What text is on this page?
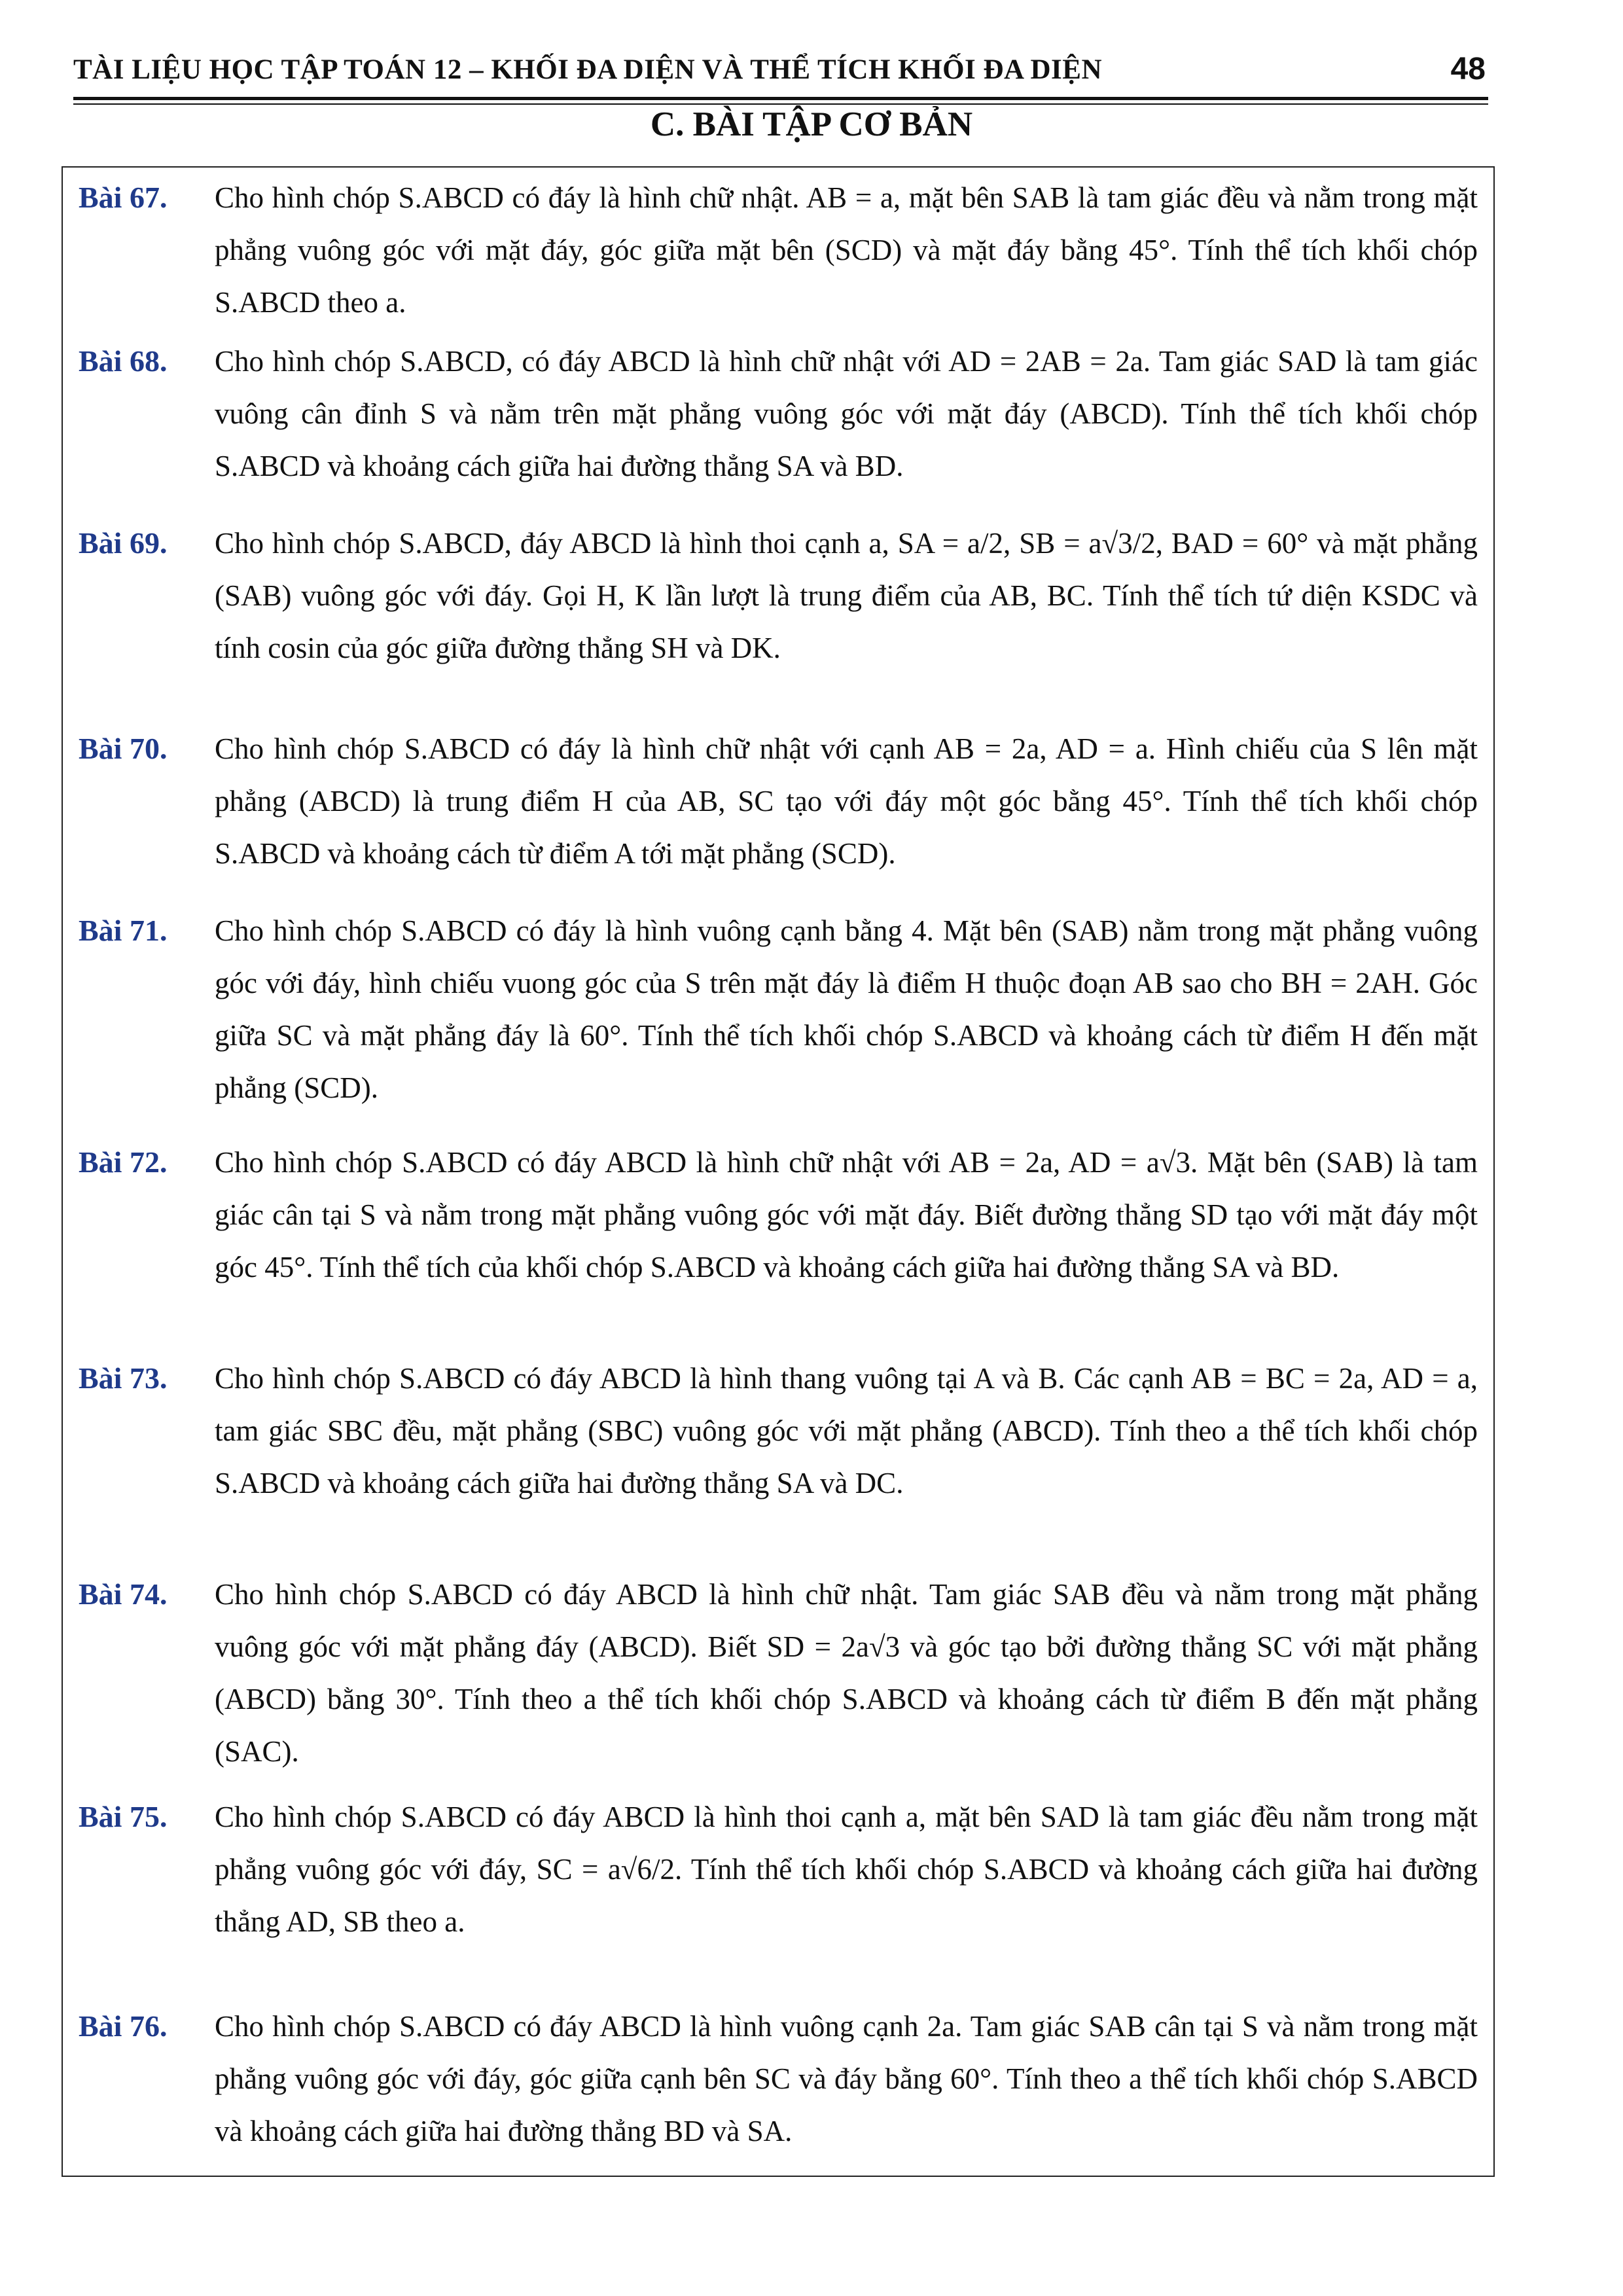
TÀI LIỆU HỌC TẬP TOÁN 12 – KHỐI ĐA DIỆN VÀ THỂ TÍCH KHỐI ĐA DIỆN	48
C. BÀI TẬP CƠ BẢN
Bài 67. Cho hình chóp S.ABCD có đáy là hình chữ nhật. AB = a, mặt bên SAB là tam giác đều và nằm trong mặt phẳng vuông góc với mặt đáy, góc giữa mặt bên (SCD) và mặt đáy bằng 45°. Tính thể tích khối chóp S.ABCD theo a.
Bài 68. Cho hình chóp S.ABCD, có đáy ABCD là hình chữ nhật với AD = 2AB = 2a. Tam giác SAD là tam giác vuông cân đỉnh S và nằm trên mặt phẳng vuông góc với mặt đáy (ABCD). Tính thể tích khối chóp S.ABCD và khoảng cách giữa hai đường thẳng SA và BD.
Bài 69. Cho hình chóp S.ABCD, đáy ABCD là hình thoi cạnh a, SA = a/2, SB = a√3/2, BAD = 60° và mặt phẳng (SAB) vuông góc với đáy. Gọi H, K lần lượt là trung điểm của AB, BC. Tính thể tích tứ diện KSDC và tính cosin của góc giữa đường thẳng SH và DK.
Bài 70. Cho hình chóp S.ABCD có đáy là hình chữ nhật với cạnh AB = 2a, AD = a. Hình chiếu của S lên mặt phẳng (ABCD) là trung điểm H của AB, SC tạo với đáy một góc bằng 45°. Tính thể tích khối chóp S.ABCD và khoảng cách từ điểm A tới mặt phẳng (SCD).
Bài 71. Cho hình chóp S.ABCD có đáy là hình vuông cạnh bằng 4. Mặt bên (SAB) nằm trong mặt phẳng vuông góc với đáy, hình chiếu vuong góc của S trên mặt đáy là điểm H thuộc đoạn AB sao cho BH = 2AH. Góc giữa SC và mặt phẳng đáy là 60°. Tính thể tích khối chóp S.ABCD và khoảng cách từ điểm H đến mặt phẳng (SCD).
Bài 72. Cho hình chóp S.ABCD có đáy ABCD là hình chữ nhật với AB = 2a, AD = a√3. Mặt bên (SAB) là tam giác cân tại S và nằm trong mặt phẳng vuông góc với mặt đáy. Biết đường thẳng SD tạo với mặt đáy một góc 45°. Tính thể tích của khối chóp S.ABCD và khoảng cách giữa hai đường thẳng SA và BD.
Bài 73. Cho hình chóp S.ABCD có đáy ABCD là hình thang vuông tại A và B. Các cạnh AB = BC = 2a, AD = a, tam giác SBC đều, mặt phẳng (SBC) vuông góc với mặt phẳng (ABCD). Tính theo a thể tích khối chóp S.ABCD và khoảng cách giữa hai đường thẳng SA và DC.
Bài 74. Cho hình chóp S.ABCD có đáy ABCD là hình chữ nhật. Tam giác SAB đều và nằm trong mặt phẳng vuông góc với mặt phẳng đáy (ABCD). Biết SD = 2a√3 và góc tạo bởi đường thẳng SC với mặt phẳng (ABCD) bằng 30°. Tính theo a thể tích khối chóp S.ABCD và khoảng cách từ điểm B đến mặt phẳng (SAC).
Bài 75. Cho hình chóp S.ABCD có đáy ABCD là hình thoi cạnh a, mặt bên SAD là tam giác đều nằm trong mặt phẳng vuông góc với đáy, SC = a√6/2. Tính thể tích khối chóp S.ABCD và khoảng cách giữa hai đường thẳng AD, SB theo a.
Bài 76. Cho hình chóp S.ABCD có đáy ABCD là hình vuông cạnh 2a. Tam giác SAB cân tại S và nằm trong mặt phẳng vuông góc với đáy, góc giữa cạnh bên SC và đáy bằng 60°. Tính theo a thể tích khối chóp S.ABCD và khoảng cách giữa hai đường thẳng BD và SA.
